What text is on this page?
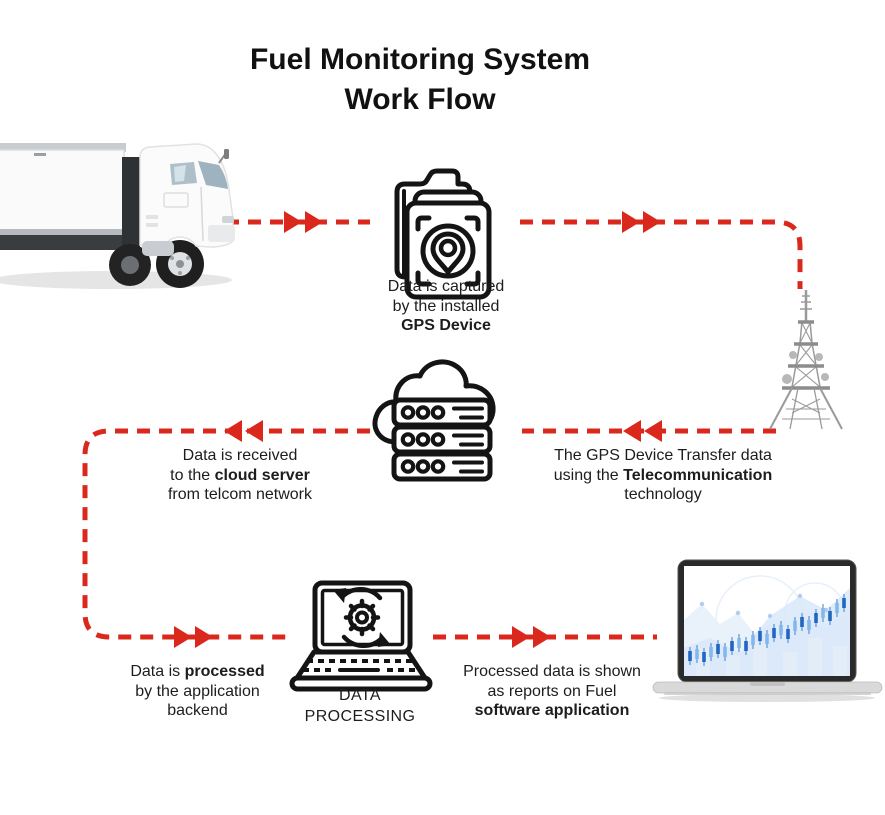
Fuel Monitoring System
Work Flow
Data is captured
by the installed
GPS Device
Data is received
to the cloud server
from telcom network
The GPS Device Transfer data
using the Telecommunication
technology
DATA
PROCESSING
Data is processed
by the application
backend
Processed data is shown
as reports on Fuel
software application
